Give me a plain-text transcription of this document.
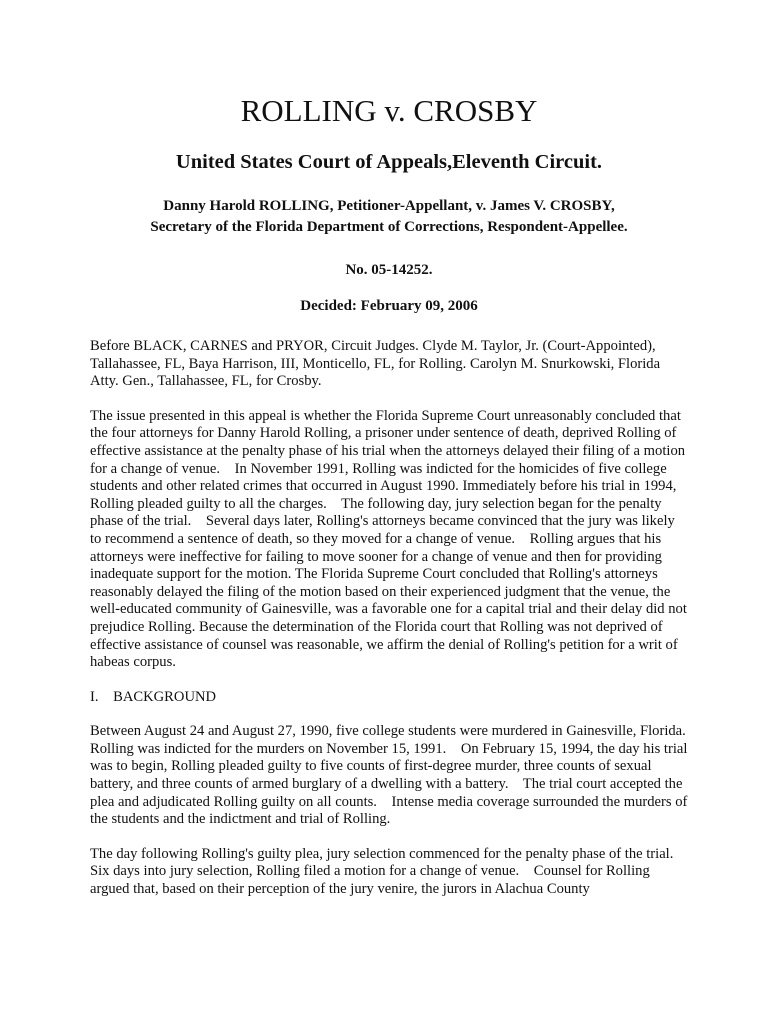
ROLLING v. CROSBY
United States Court of Appeals,Eleventh Circuit.
Danny Harold ROLLING, Petitioner-Appellant, v. James V. CROSBY,
Secretary of the Florida Department of Corrections, Respondent-Appellee.
No. 05-14252.
Decided: February 09, 2006

Before BLACK, CARNES and PRYOR, Circuit Judges. Clyde M. Taylor, Jr. (Court-Appointed), Tallahassee, FL, Baya Harrison, III, Monticello, FL, for Rolling. Carolyn M. Snurkowski, Florida Atty. Gen., Tallahassee, FL, for Crosby.

The issue presented in this appeal is whether the Florida Supreme Court unreasonably concluded that the four attorneys for Danny Harold Rolling, a prisoner under sentence of death, deprived Rolling of effective assistance at the penalty phase of his trial when the attorneys delayed their filing of a motion for a change of venue.    In November 1991, Rolling was indicted for the homicides of five college students and other related crimes that occurred in August 1990. Immediately before his trial in 1994, Rolling pleaded guilty to all the charges.    The following day, jury selection began for the penalty phase of the trial.    Several days later, Rolling's attorneys became convinced that the jury was likely to recommend a sentence of death, so they moved for a change of venue.    Rolling argues that his attorneys were ineffective for failing to move sooner for a change of venue and then for providing inadequate support for the motion. The Florida Supreme Court concluded that Rolling's attorneys reasonably delayed the filing of the motion based on their experienced judgment that the venue, the well-educated community of Gainesville, was a favorable one for a capital trial and their delay did not prejudice Rolling. Because the determination of the Florida court that Rolling was not deprived of effective assistance of counsel was reasonable, we affirm the denial of Rolling's petition for a writ of habeas corpus.

I.    BACKGROUND

Between August 24 and August 27, 1990, five college students were murdered in Gainesville, Florida.    Rolling was indicted for the murders on November 15, 1991.    On February 15, 1994, the day his trial was to begin, Rolling pleaded guilty to five counts of first-degree murder, three counts of sexual battery, and three counts of armed burglary of a dwelling with a battery.    The trial court accepted the plea and adjudicated Rolling guilty on all counts.    Intense media coverage surrounded the murders of the students and the indictment and trial of Rolling.

The day following Rolling's guilty plea, jury selection commenced for the penalty phase of the trial.    Six days into jury selection, Rolling filed a motion for a change of venue.    Counsel for Rolling argued that, based on their perception of the jury venire, the jurors in Alachua County
